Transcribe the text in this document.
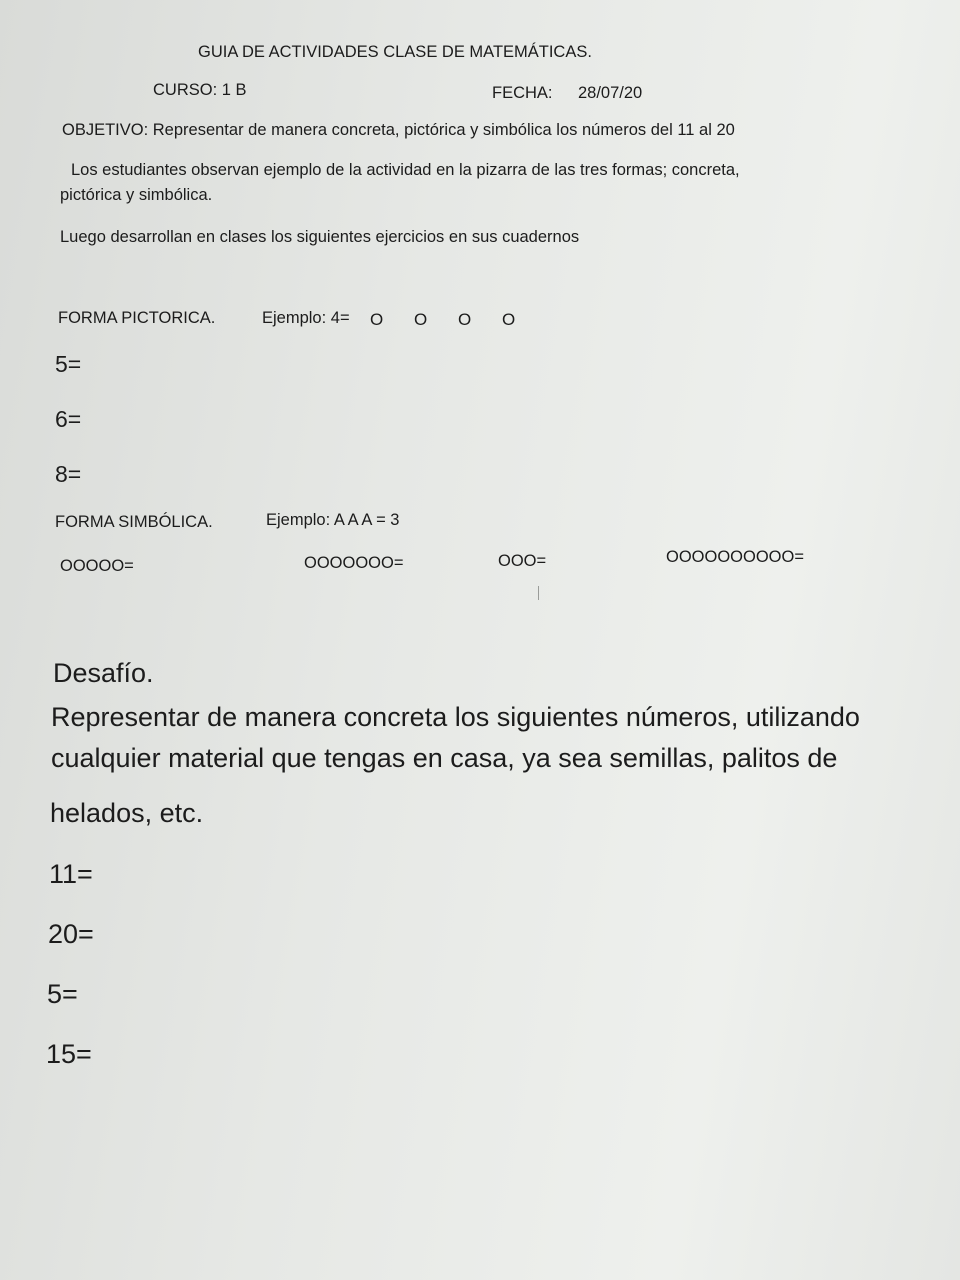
GUIA DE ACTIVIDADES CLASE DE MATEMÁTICAS.
CURSO: 1 B	FECHA: 28/07/20
OBJETIVO: Representar de manera concreta, pictórica y simbólica los números del 11 al 20
Los estudiantes observan ejemplo de la actividad en la pizarra de las tres formas; concreta,
pictórica y simbólica.
Luego desarrollan en clases los siguientes ejercicios en sus cuadernos
FORMA PICTORICA.	Ejemplo: 4= O	O	O	O
5=
6=
8=
FORMA SIMBÓLICA.	Ejemplo: A A A = 3
OOOOO=	OOOOOOO=	OOO=	OOOOOOOOOO=
Desafío.
Representar de manera concreta los siguientes números, utilizando
cualquier material que tengas en casa, ya sea semillas, palitos de
helados, etc.
11=
20=
5=
15=
